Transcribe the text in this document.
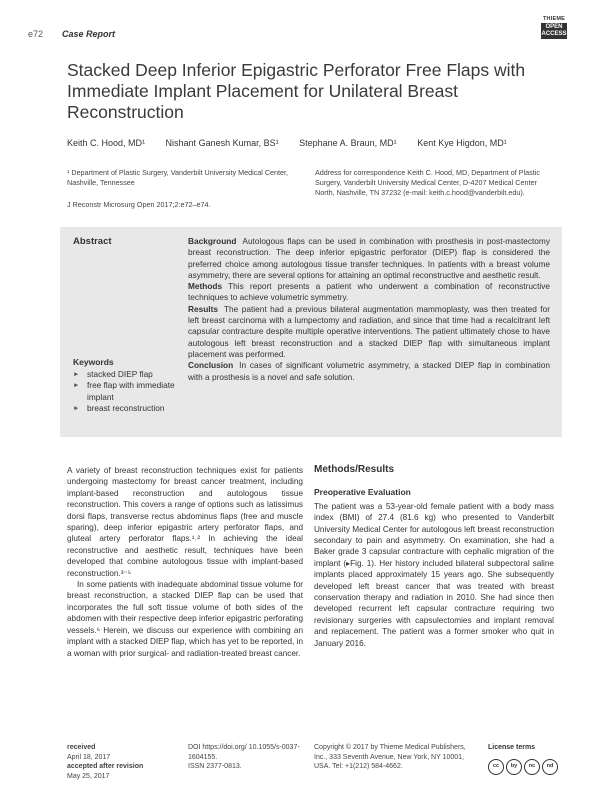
e72 Case Report
THIEME
OPEN ACCESS
Stacked Deep Inferior Epigastric Perforator Free Flaps with Immediate Implant Placement for Unilateral Breast Reconstruction
Keith C. Hood, MD¹ Nishant Ganesh Kumar, BS¹ Stephane A. Braun, MD¹ Kent Kye Higdon, MD¹
¹ Department of Plastic Surgery, Vanderbilt University Medical Center, Nashville, Tennessee
J Reconstr Microsurg Open 2017;2:e72–e74.
Address for correspondence Keith C. Hood, MD, Department of Plastic Surgery, Vanderbilt University Medical Center, D-4207 Medical Center North, Nashville, TN 37232 (e-mail: keith.c.hood@vanderbilt.edu).
Abstract
Keywords
► stacked DIEP flap
► free flap with immediate implant
► breast reconstruction

Background Autologous flaps can be used in combination with prosthesis in post-mastectomy breast reconstruction. The deep inferior epigastric perforator (DIEP) flap is considered the preferred choice among autologous tissue transfer techniques. In patients with a breast volume asymmetry, there are several options for attaining an optimal reconstructive and aesthetic result.

Methods This report presents a patient who underwent a combination of reconstructive techniques to achieve volumetric symmetry.

Results The patient had a previous bilateral augmentation mammoplasty, was then treated for left breast carcinoma with a lumpectomy and radiation, and since that time had a recalcitrant left capsular contracture despite multiple operative interventions. The patient ultimately chose to have autologous left breast reconstruction and a stacked DIEP flap with simultaneous implant placement was performed.

Conclusion In cases of significant volumetric asymmetry, a stacked DIEP flap in combination with a prosthesis is a novel and safe solution.

A variety of breast reconstruction techniques exist for patients undergoing mastectomy for breast cancer treatment, including implant-based reconstruction and autologous tissue reconstruction. This covers a range of options such as latissimus dorsi flaps, transverse rectus abdominus flaps (free and muscle sparing), deep inferior epigastric artery perforator flaps, and gluteal artery perforator flaps.¹˒² In achieving the ideal reconstructive and aesthetic result, techniques have been developed that combine autologous tissue with implant-based reconstruction.³⁻⁵

In some patients with inadequate abdominal tissue volume for breast reconstruction, a stacked DIEP flap can be used that incorporates the full soft tissue volume of both sides of the abdomen with their respective deep inferior epigastric perforating vessels.⁶ Herein, we discuss our experience with combining an implant with a stacked DIEP flap, which has yet to be reported, in a woman with prior surgical- and radiation-treated breast cancer.

Methods/Results
Preoperative Evaluation

The patient was a 53-year-old female patient with a body mass index (BMI) of 27.4 (81.6 kg) who presented to Vanderbilt University Medical Center for autologous left breast reconstruction secondary to pain and asymmetry. On examination, she had a Baker grade 3 capsular contracture with cephalic migration of the implant (▸Fig. 1). Her history included bilateral subpectoral saline implants placed approximately 15 years ago. She subsequently developed left breast cancer that was treated with breast conservation therapy and radiation in 2010. She had since then developed recurrent left capsular contracture requiring two revisionary surgeries with capsulectomies and implant removal and replacement. The patient was a former smoker who quit in January 2016.

received
April 18, 2017
accepted after revision
May 25, 2017
DOI https://doi.org/ 10.1055/s-0037-1604155.
ISSN 2377-0813.
Copyright © 2017 by Thieme Medical Publishers, Inc., 333 Seventh Avenue, New York, NY 10001, USA. Tel: +1(212) 584-4662.
License terms
cc	by	nc	nd
